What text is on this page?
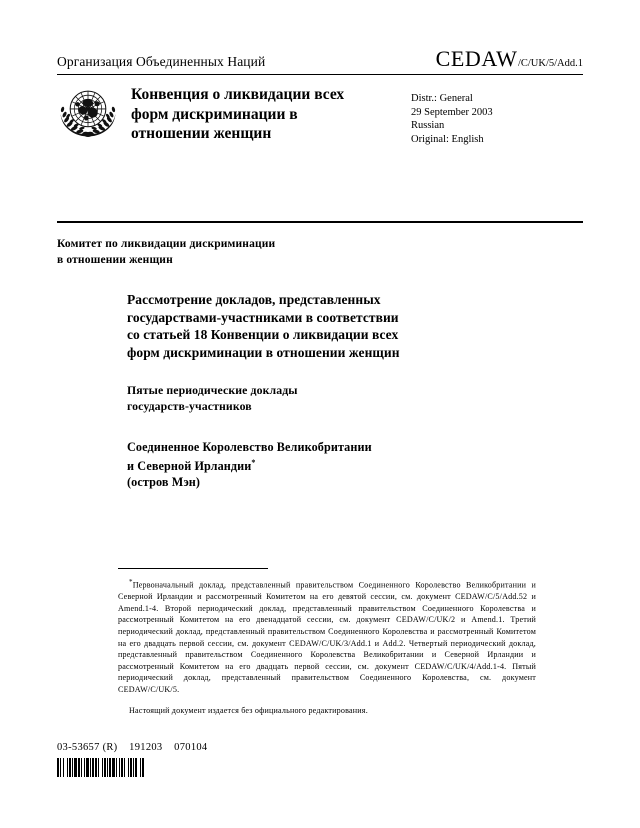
Организация Объединенных Наций	CEDAW /C/UK/5/Add.1
Конвенция о ликвидации всех
форм дискриминации в
отношении женщин
Distr.: General
29 September 2003
Russian
Original: English
Комитет по ликвидации дискриминации
в отношении женщин
Рассмотрение докладов, представленных
государствами-участниками в соответствии
со статьей 18 Конвенции о ликвидации всех
форм дискриминации в отношении женщин
Пятые периодические доклады
государств-участников
Соединенное Королевство Великобритании
и Северной Ирландии*
(остров Мэн)

*Первоначальный доклад, представленный правительством Соединенного Королевство Великобритании и Северной Ирландии и рассмотренный Комитетом на его девятой сессии, см. документ CEDAW/C/5/Add.52 и Amend.1-4. Второй периодический доклад, представленный правительством Соединенного Королевства и рассмотренный Комитетом на его двенадцатой сессии, см. документ CEDAW/C/UK/2 и Amend.1. Третий периодический доклад, представленный правительством Соединенного Королевства и рассмотренный Комитетом на его двадцать первой сессии, см. документ CEDAW/C/UK/3/Add.1 и Add.2. Четвертый периодический доклад, представленный правительством Соединенного Королевства Великобритании и Северной Ирландии и рассмотренный Комитетом на его двадцать первой сессии, см. документ CEDAW/C/UK/4/Add.1-4. Пятый периодический доклад, представленный правительством Соединенного Королевства, см. документ CEDAW/C/UK/5.

Настоящий документ издается без официального редактирования.

03-53657 (R)    191203    070104
